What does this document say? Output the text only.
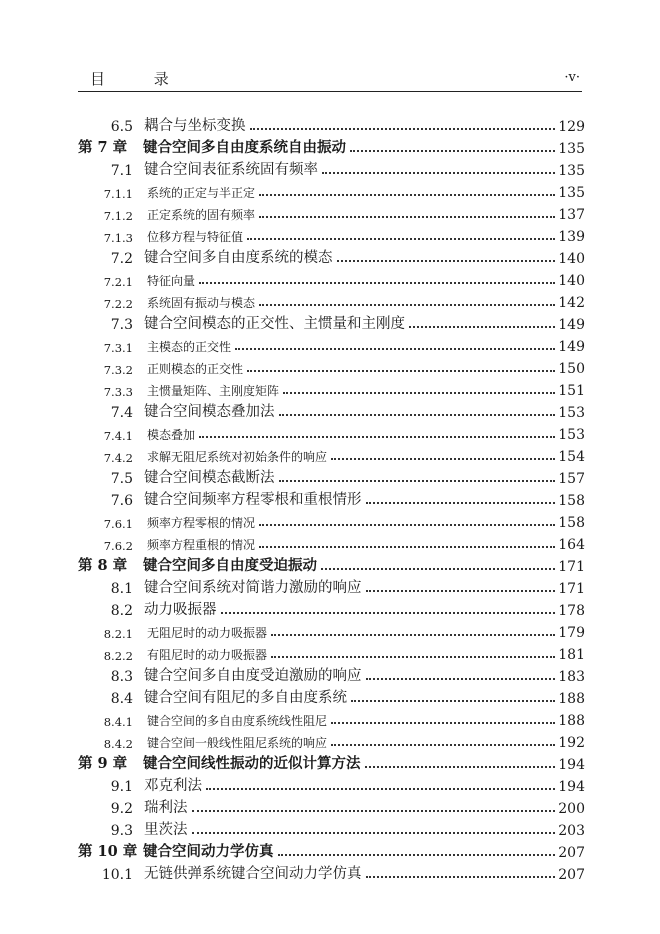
目 录	·v·
6.5 耦合与坐标变换	129
第 7 章	键合空间多自由度系统自由振动	135
7.1 键合空间表征系统固有频率	135
7.1.1 系统的正定与半正定	135
7.1.2 正定系统的固有频率	137
7.1.3 位移方程与特征值	139
7.2 键合空间多自由度系统的模态	140
7.2.1 特征向量	140
7.2.2 系统固有振动与模态	142
7.3 键合空间模态的正交性、主惯量和主刚度	149
7.3.1 主模态的正交性	149
7.3.2 正则模态的正交性	150
7.3.3 主惯量矩阵、主刚度矩阵	151
7.4 键合空间模态叠加法	153
7.4.1 模态叠加	153
7.4.2 求解无阻尼系统对初始条件的响应	154
7.5 键合空间模态截断法	157
7.6 键合空间频率方程零根和重根情形	158
7.6.1 频率方程零根的情况	158
7.6.2 频率方程重根的情况	164
第 8 章	键合空间多自由度受迫振动	171
8.1 键合空间系统对简谐力激励的响应	171
8.2 动力吸振器	178
8.2.1 无阻尼时的动力吸振器	179
8.2.2 有阻尼时的动力吸振器	181
8.3 键合空间多自由度受迫激励的响应	183
8.4 键合空间有阻尼的多自由度系统	188
8.4.1 键合空间的多自由度系统线性阻尼	188
8.4.2 键合空间一般线性阻尼系统的响应	192
第 9 章	键合空间线性振动的近似计算方法	194
9.1 邓克利法	194
9.2 瑞利法	200
9.3 里茨法	203
第 10 章 键合空间动力学仿真	207
10.1 无链供弹系统键合空间动力学仿真	207
